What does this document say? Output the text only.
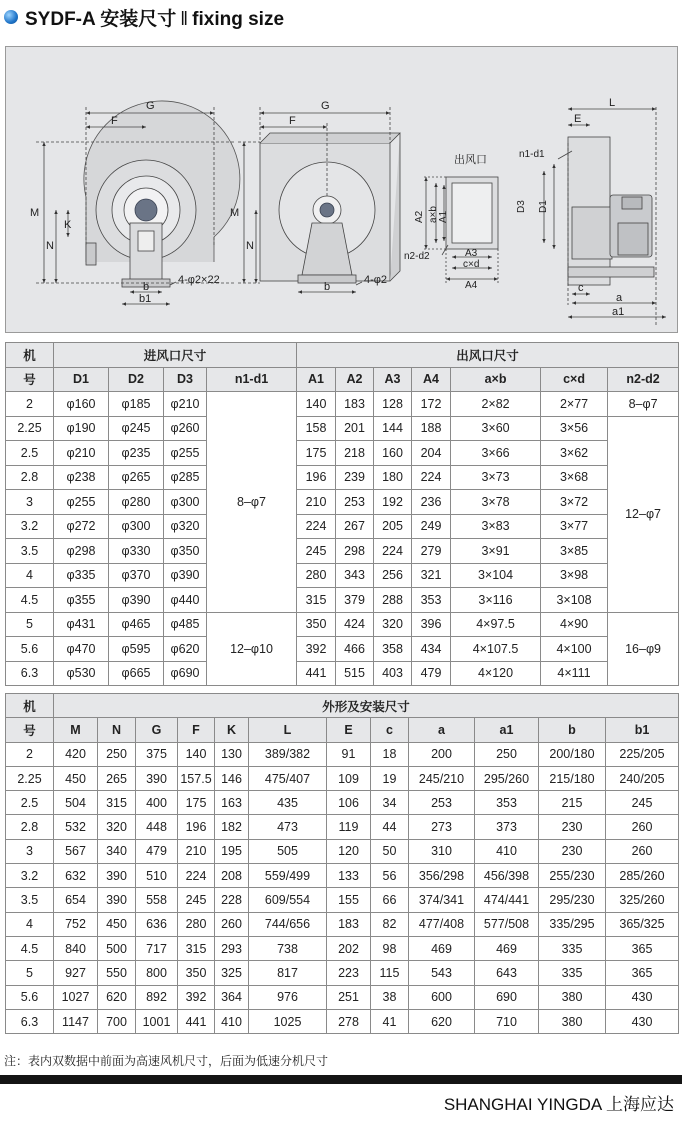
SYDF-A 安装尺寸 ‖ fixing size
G
F
M
N
K
b
b1
4-φ2×22
G
F
M
N
b
4-φ2
出风口
A2 a×b A1
n2-d2	A3
c×d
A4
L
E
n1-d1
D3 D1
c
a
a1
机	进风口尺寸				出风口尺寸						
号	D1	D2	D3	n1-d1	A1	A2	A3	A4	a×b	c×d	n2-d2
2	φ160	φ185	φ210	8–φ7	140	183	128	172	2×82	2×77	8–φ7
2.25	φ190	φ245	φ260		158	201	144	188	3×60	3×56	12–φ7
2.5	φ210	φ235	φ255		175	218	160	204	3×66	3×62	
2.8	φ238	φ265	φ285		196	239	180	224	3×73	3×68	
3	φ255	φ280	φ300		210	253	192	236	3×78	3×72	
3.2	φ272	φ300	φ320		224	267	205	249	3×83	3×77	
3.5	φ298	φ330	φ350		245	298	224	279	3×91	3×85	
4	φ335	φ370	φ390		280	343	256	321	3×104	3×98	
4.5	φ355	φ390	φ440		315	379	288	353	3×116	3×108	
5	φ431	φ465	φ485	12–φ10	350	424	320	396	4×97.5	4×90	16–φ9
5.6	φ470	φ595	φ620		392	466	358	434	4×107.5	4×100	
6.3	φ530	φ665	φ690		441	515	403	479	4×120	4×111	
机	外形及安装尺寸											
号	M	N	G	F	K	L	E	c	a	a1	b	b1
2	420	250	375	140	130	389/382	91	18	200	250	200/180	225/205
2.25	450	265	390	157.5	146	475/407	109	19	245/210	295/260	215/180	240/205
2.5	504	315	400	175	163	435	106	34	253	353	215	245
2.8	532	320	448	196	182	473	119	44	273	373	230	260
3	567	340	479	210	195	505	120	50	310	410	230	260
3.2	632	390	510	224	208	559/499	133	56	356/298	456/398	255/230	285/260
3.5	654	390	558	245	228	609/554	155	66	374/341	474/441	295/230	325/260
4	752	450	636	280	260	744/656	183	82	477/408	577/508	335/295	365/325
4.5	840	500	717	315	293	738	202	98	469	469	335	365
5	927	550	800	350	325	817	223	115	543	643	335	365
5.6	1027	620	892	392	364	976	251	38	600	690	380	430
6.3	1147	700	1001	441	410	1025	278	41	620	710	380	430
注：表内双数据中前面为高速风机尺寸，后面为低速分机尺寸
SHANGHAI YINGDA 上海应达
